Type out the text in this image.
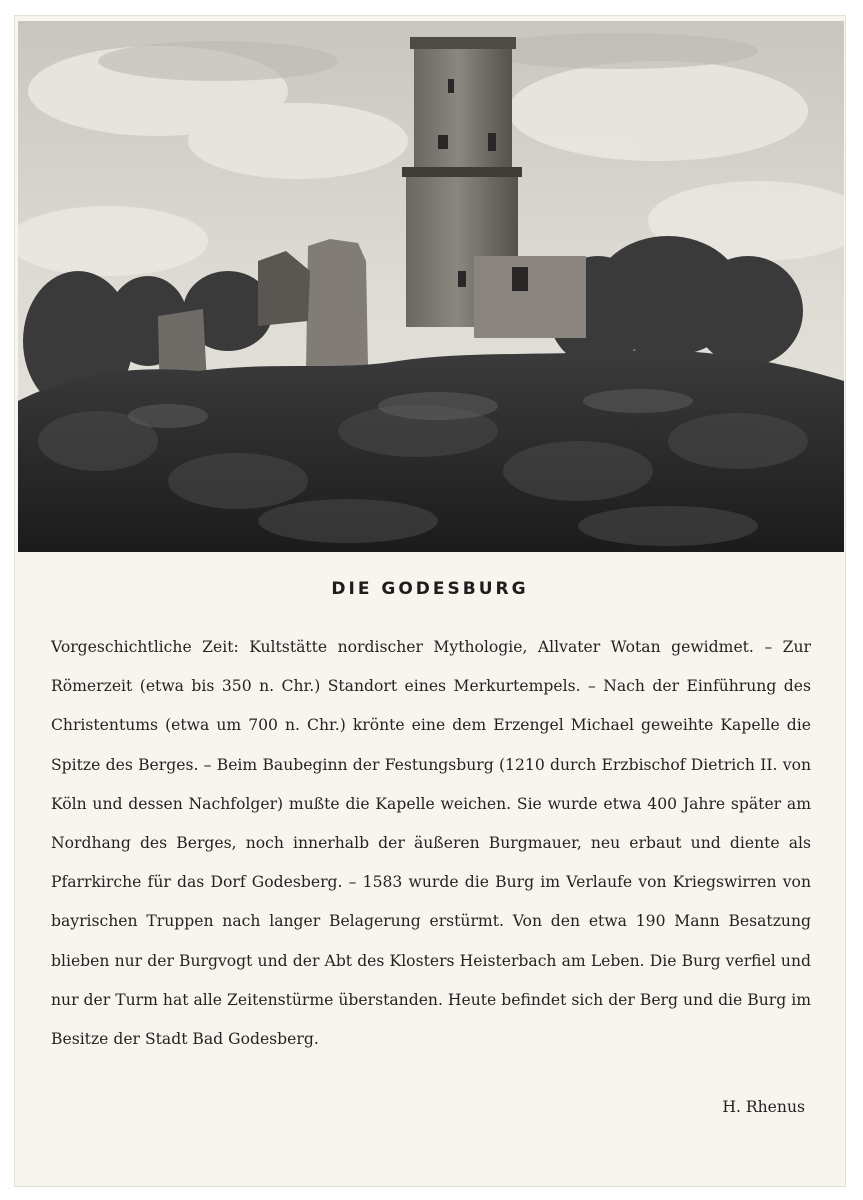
DIE GODESBURG

Vorgeschichtliche Zeit: Kultstätte nordischer Mythologie, Allvater Wotan gewidmet. – Zur Römerzeit (etwa bis 350 n. Chr.) Standort eines Merkurtempels. – Nach der Einführung des Christentums (etwa um 700 n. Chr.) krönte eine dem Erzengel Michael geweihte Kapelle die Spitze des Berges. – Beim Baubeginn der Festungsburg (1210 durch Erzbischof Dietrich II. von Köln und dessen Nachfolger) mußte die Kapelle weichen. Sie wurde etwa 400 Jahre später am Nordhang des Berges, noch innerhalb der äußeren Burgmauer, neu erbaut und diente als Pfarrkirche für das Dorf Godesberg. – 1583 wurde die Burg im Verlaufe von Kriegswirren von bayrischen Truppen nach langer Belagerung erstürmt. Von den etwa 190 Mann Besatzung blieben nur der Burgvogt und der Abt des Klosters Heisterbach am Leben. Die Burg verfiel und nur der Turm hat alle Zeitenstürme überstanden. Heute befindet sich der Berg und die Burg im Besitze der Stadt Bad Godesberg.

H. Rhenus
